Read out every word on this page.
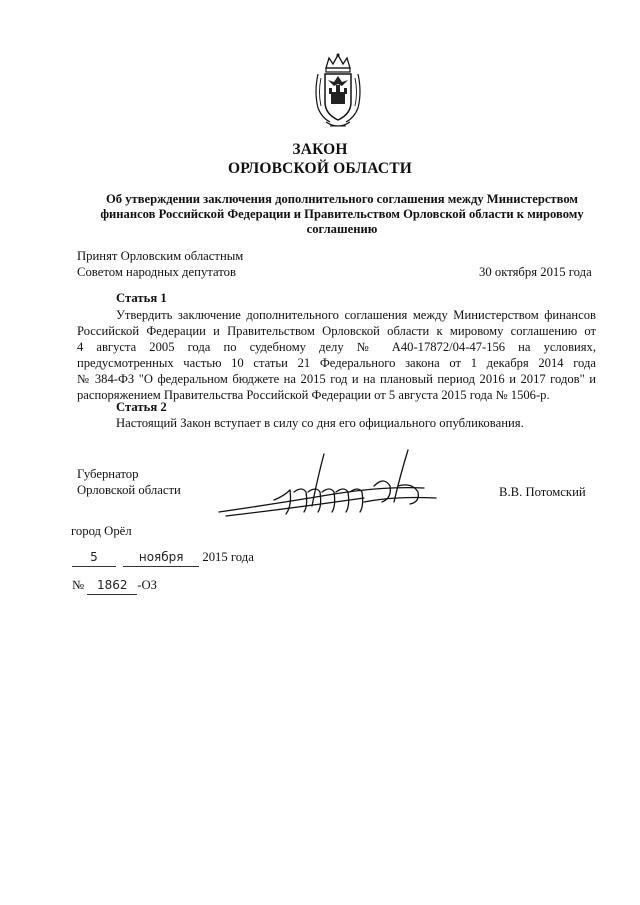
ЗАКОН
ОРЛОВСКОЙ ОБЛАСТИ
Об утверждении заключения дополнительного соглашения между Министерством
финансов Российской Федерации и Правительством Орловской области к мировому
соглашению
Принят Орловским областным
Советом народных депутатов	30 октября 2015 года
Статья 1
Утвердить заключение дополнительного соглашения между Министерством финансов
Российской Федерации и Правительством Орловской области к мировому соглашению от
4 августа 2005 года по судебному делу № А40-17872/04-47-156 на условиях,
предусмотренных частью 10 статьи 21 Федерального закона от 1 декабря 2014 года
№ 384-ФЗ "О федеральном бюджете на 2015 год и на плановый период 2016 и 2017 годов" и
распоряжением Правительства Российской Федерации от 5 августа 2015 года № 1506-р.
Статья 2
Настоящий Закон вступает в силу со дня его официального опубликования.
Губернатор
Орловской области	В.В. Потомский
город Орёл
5	ноября 2015 года
№ 1862 -ОЗ
